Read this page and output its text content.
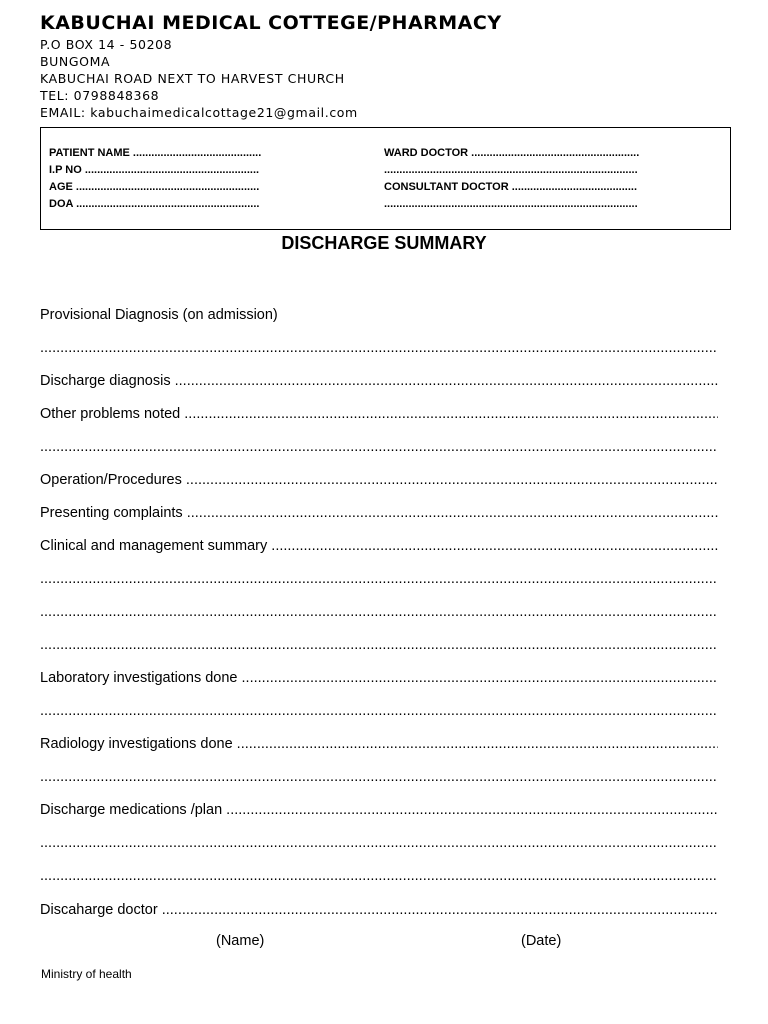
KABUCHAI MEDICAL COTTEGE/PHARMACY
P.O BOX 14 - 50208
BUNGOMA
KABUCHAI ROAD NEXT TO HARVEST CHURCH
TEL: 0798848368
EMAIL: kabuchaimedicalcottage21@gmail.com
PATIENT NAME ..........................................
I.P NO .........................................................
AGE ............................................................
DOA ............................................................
WARD DOCTOR .......................................................
...................................................................................
CONSULTANT DOCTOR .........................................
...................................................................................
DISCHARGE SUMMARY
Provisional Diagnosis (on admission)
.....
Discharge diagnosis .....
Other problems noted .....
.....
Operation/Procedures .....
Presenting complaints .....
Clinical and management summary .....
.....
.....
.....
Laboratory investigations done .....
.....
Radiology investigations done .....
.....
Discharge medications /plan .....
.....
.....
Discaharge doctor .....
(Name)	(Date)
Ministry of health
